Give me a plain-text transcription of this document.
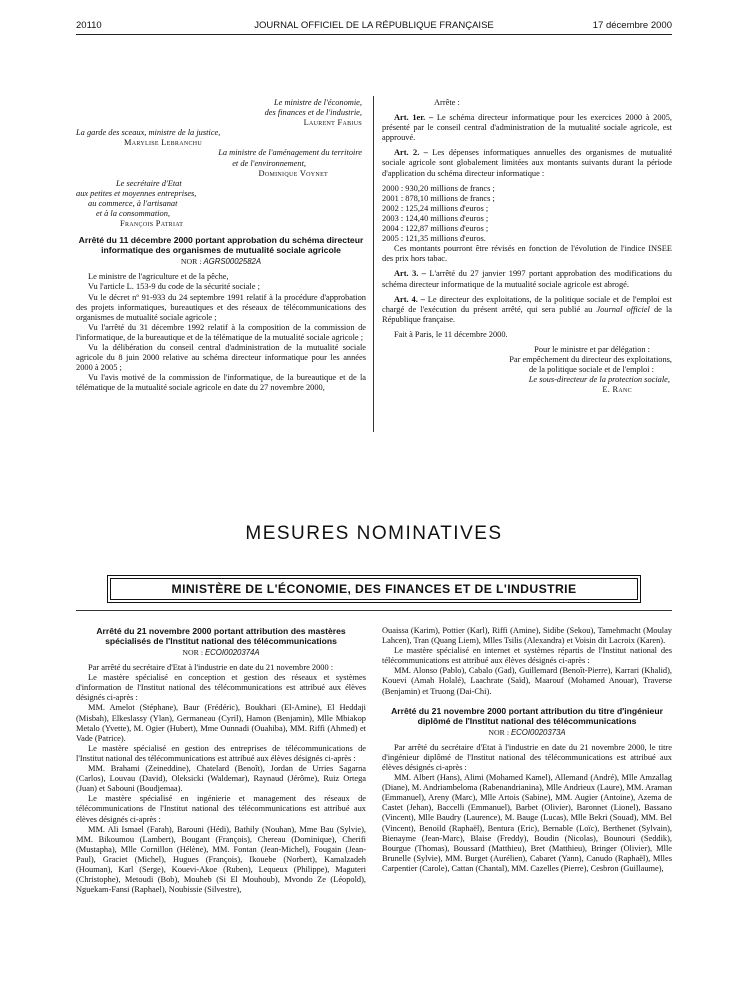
20110	JOURNAL OFFICIEL DE LA RÉPUBLIQUE FRANÇAISE	17 décembre 2000

Le ministre de l'économie,

des finances et de l'industrie,

Laurent Fabius

La garde des sceaux, ministre de la justice,

Marylise Lebranchu

La ministre de l'aménagement du territoire

et de l'environnement,

Dominique Voynet

Le secrétaire d'Etat

aux petites et moyennes entreprises,

au commerce, à l'artisanat

et à la consommation,

François Patriat

Arrêté du 11 décembre 2000 portant approbation du schéma directeur informatique des organismes de mutualité sociale agricole

NOR : AGRS0002582A

Le ministre de l'agriculture et de la pêche,

Vu l'article L. 153-9 du code de la sécurité sociale ;

Vu le décret nº 91-933 du 24 septembre 1991 relatif à la procédure d'approbation des projets informatiques, bureautiques et des réseaux de télécommunications des organismes de mutualité sociale agricole ;

Vu l'arrêté du 31 décembre 1992 relatif à la composition de la commission de l'informatique, de la bureautique et de la télématique de la mutualité sociale agricole ;

Vu la délibération du conseil central d'administration de la mutualité sociale agricole du 8 juin 2000 relative au schéma directeur informatique pour les années 2000 à 2005 ;

Vu l'avis motivé de la commission de l'informatique, de la bureautique et de la télématique de la mutualité sociale agricole en date du 27 novembre 2000,

Arrête :

Art. 1er. – Le schéma directeur informatique pour les exercices 2000 à 2005, présenté par le conseil central d'administration de la mutualité sociale agricole, est approuvé.

Art. 2. – Les dépenses informatiques annuelles des organismes de mutualité sociale agricole sont globalement limitées aux montants suivants durant la période d'application du schéma directeur informatique :

2000 : 930,20 millions de francs ;

2001 : 878,10 millions de francs ;

2002 : 125,24 millions d'euros ;

2003 : 124,40 millions d'euros ;

2004 : 122,87 millions d'euros ;

2005 : 121,35 millions d'euros.

Ces montants pourront être révisés en fonction de l'évolution de l'indice INSEE des prix hors tabac.

Art. 3. – L'arrêté du 27 janvier 1997 portant approbation des modifications du schéma directeur informatique de la mutualité sociale agricole est abrogé.

Art. 4. – Le directeur des exploitations, de la politique sociale et de l'emploi est chargé de l'exécution du présent arrêté, qui sera publié au Journal officiel de la République française.

Fait à Paris, le 11 décembre 2000.

Pour le ministre et par délégation :

Par empêchement du directeur des exploitations,

de la politique sociale et de l'emploi :

Le sous-directeur de la protection sociale,

E. Ranc

MESURES NOMINATIVES
MINISTÈRE DE L'ÉCONOMIE, DES FINANCES ET DE L'INDUSTRIE

Arrêté du 21 novembre 2000 portant attribution des mastères spécialisés de l'Institut national des télécommunications

NOR : ECOI0020374A

Par arrêté du secrétaire d'Etat à l'industrie en date du 21 novembre 2000 :

Le mastère spécialisé en conception et gestion des réseaux et systèmes d'information de l'Institut national des télécommunications est attribué aux élèves désignés ci-après :

MM. Amelot (Stéphane), Baur (Frédéric), Boukhari (El-Amine), El Heddaji (Misbah), Elkeslassy (Ylan), Germaneau (Cyril), Hamon (Benjamin), Mlle Mbiakop Metalo (Yvette), M. Ogier (Hubert), Mme Ounnadi (Ouahiba), MM. Riffi (Ahmed) et Vade (Patrice).

Le mastère spécialisé en gestion des entreprises de télécommunications de l'Institut national des télécommunications est attribué aux élèves désignés ci-après :

MM. Brahami (Zeineddine), Chatelard (Benoît), Jordan de Urries Sagarna (Carlos), Louvau (David), Oleksicki (Waldemar), Raynaud (Jérôme), Ruiz Ortega (Juan) et Sabouni (Boudjemaa).

Le mastère spécialisé en ingénierie et management des réseaux de télécommunications de l'Institut national des télécommunications est attribué aux élèves désignés ci-après :

MM. Ali Ismael (Farah), Barouni (Hédi), Bathily (Nouhan), Mme Bau (Sylvie), MM. Bikoumou (Lambert), Bougant (François), Chereau (Dominique), Cherifi (Mustapha), Mlle Cornillon (Hélène), MM. Fontan (Jean-Michel), Fougain (Jean-Paul), Graciet (Michel), Hugues (François), Ikouebe (Norbert), Kamalzadeh (Houman), Karl (Serge), Kouevi-Akoe (Ruben), Lequeux (Philippe), Maguteri (Christophe), Metoudi (Bob), Mouheb (Si El Mouhoub), Mvondo Ze (Léopold), Nguekam-Fansi (Raphael), Noubissie (Silvestre),

Ouaissa (Karim), Pottier (Karl), Riffi (Amine), Sidibe (Sekou), Tamehmacht (Moulay Lahcen), Tran (Quang Liem), Mlles Tsilis (Alexandra) et Voisin dit Lacroix (Karen).

Le mastère spécialisé en internet et systèmes répartis de l'Institut national des télécommunications est attribué aux élèves désignés ci-après :

MM. Alonso (Pablo), Cabalo (Gad), Guillemard (Benoît-Pierre), Karrari (Khalid), Kouevi (Amah Holalé), Laachrate (Saïd), Maarouf (Mohamed Anouar), Traverse (Benjamin) et Truong (Dai-Chi).

Arrêté du 21 novembre 2000 portant attribution du titre d'ingénieur diplômé de l'Institut national des télécommunications

NOR : ECOI0020373A

Par arrêté du secrétaire d'Etat à l'industrie en date du 21 novembre 2000, le titre d'ingénieur diplômé de l'Institut national des télécommunications est attribué aux élèves désignés ci-après :

MM. Albert (Hans), Alimi (Mohamed Kamel), Allemand (André), Mlle Amzallag (Diane), M. Andriambeloma (Rabenandrianina), Mlle Andrieux (Laure), MM. Araman (Emmanuel), Areny (Marc), Mlle Artois (Sabine), MM. Augier (Antoine), Azema de Castet (Jehan), Baccelli (Emmanuel), Barbet (Olivier), Baronnet (Lionel), Bassano (Vincent), Mlle Baudry (Laurence), M. Bauge (Lucas), Mlle Bekri (Souad), MM. Bel (Vincent), Benoild (Raphaël), Bentura (Eric), Bernable (Loïc), Berthenet (Sylvain), Bienayme (Jean-Marc), Blaise (Freddy), Boudin (Nicolas), Bounouri (Seddik), Bourgue (Thomas), Boussard (Matthieu), Bret (Matthieu), Bringer (Olivier), Mlle Brunelle (Sylvie), MM. Burget (Aurélien), Cabaret (Yann), Canudo (Raphaël), Mlles Carpentier (Carole), Cattan (Chantal), MM. Cazelles (Pierre), Cesbron (Guillaume),
